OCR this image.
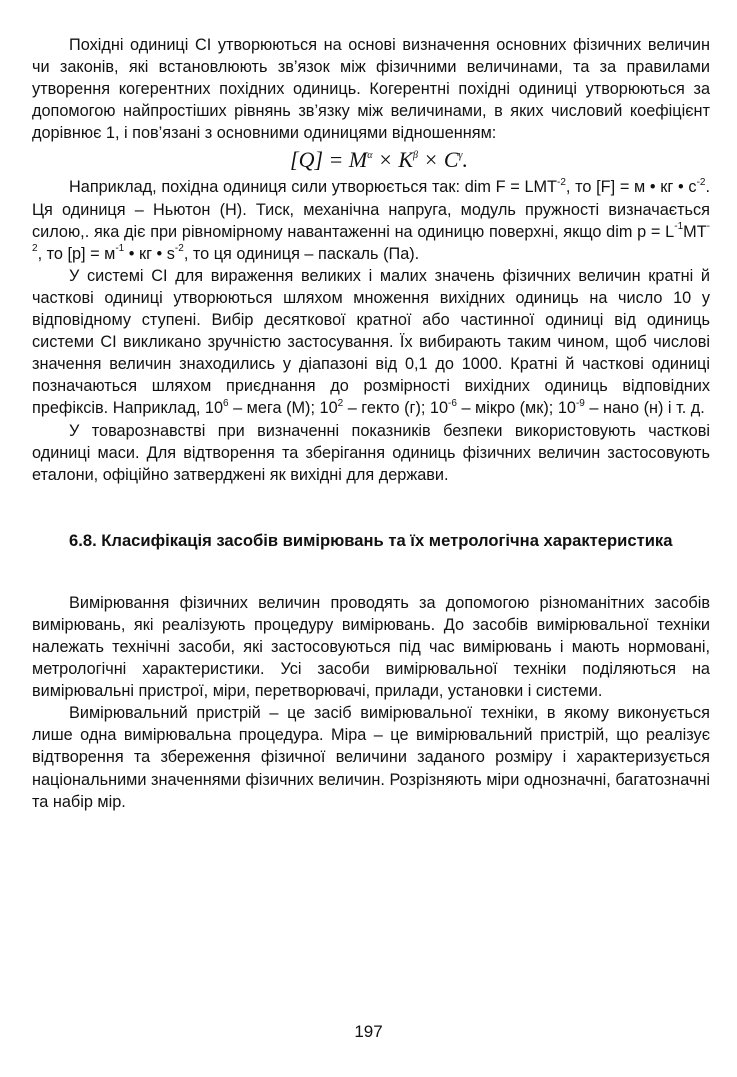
Похідні одиниці СІ утворюються на основі визначення основних фізичних величин чи законів, які встановлюють зв’язок між фізичними величинами, та за правилами утворення когерентних похідних одиниць. Когерентні похідні одиниці утворюються за допомогою найпростіших рівнянь зв’язку між величинами, в яких числовий коефіцієнт дорівнює 1, і пов’язані з основними одиницями відношенням:

$[Q] = M^\alpha \times K^\beta \times C^\gamma$.

Наприклад, похідна одиниця сили утворюється так: dim $F = LMT^{-2}$, то [F] = м • кг • $с^{-2}$. Ця одиниця – Ньютон (Н). Тиск, механічна напруга, модуль пружності визначається силою,. яка діє при рівномірному навантаженні на одиницю поверхні, якщо dim $p = L^{-1}MT^{-2}$, то $[p] = м^{-1}$ • кг • $s^{-2}$, то ця одиниця – паскаль (Па).

У системі СІ для вираження великих і малих значень фізичних величин кратні й часткові одиниці утворюються шляхом множення вихідних одиниць на число 10 у відповідному ступені. Вибір десяткової кратної або частинної одиниці від одиниць системи СІ викликано зручністю застосування. Їх вибирають таким чином, щоб числові значення величин знаходились у діапазоні від 0,1 до 1000. Кратні й часткові одиниці позначаються шляхом приєднання до розмірності вихідних одиниць відповідних префіксів. Наприклад, $10^6$ – мега (М); $10^2$ – гекто (г); $10^{-6}$ – мікро (мк); $10^{-9}$ – нано (н) і т. д.

У товарознавстві при визначенні показників безпеки використовують часткові одиниці маси. Для відтворення та зберігання одиниць фізичних величин застосовують еталони, офіційно затверджені як вихідні для держави.

6.8. Класифікація засобів вимірювань та їх метрологічна характеристика

Вимірювання фізичних величин проводять за допомогою різноманітних засобів вимірювань, які реалізують процедуру вимірювань. До засобів вимірювальної техніки належать технічні засоби, які застосовуються під час вимірювань і мають нормовані, метрологічні характеристики. Усі засоби вимірювальної техніки поділяються на вимірювальні пристрої, міри, перетворювачі, прилади, установки і системи.

Вимірювальний пристрій – це засіб вимірювальної техніки, в якому виконується лише одна вимірювальна процедура. Міра – це вимірювальний пристрій, що реалізує відтворення та збереження фізичної величини заданого розміру і характеризується національними значеннями фізичних величин. Розрізняють міри однозначні, багатозначні та набір мір.

197
